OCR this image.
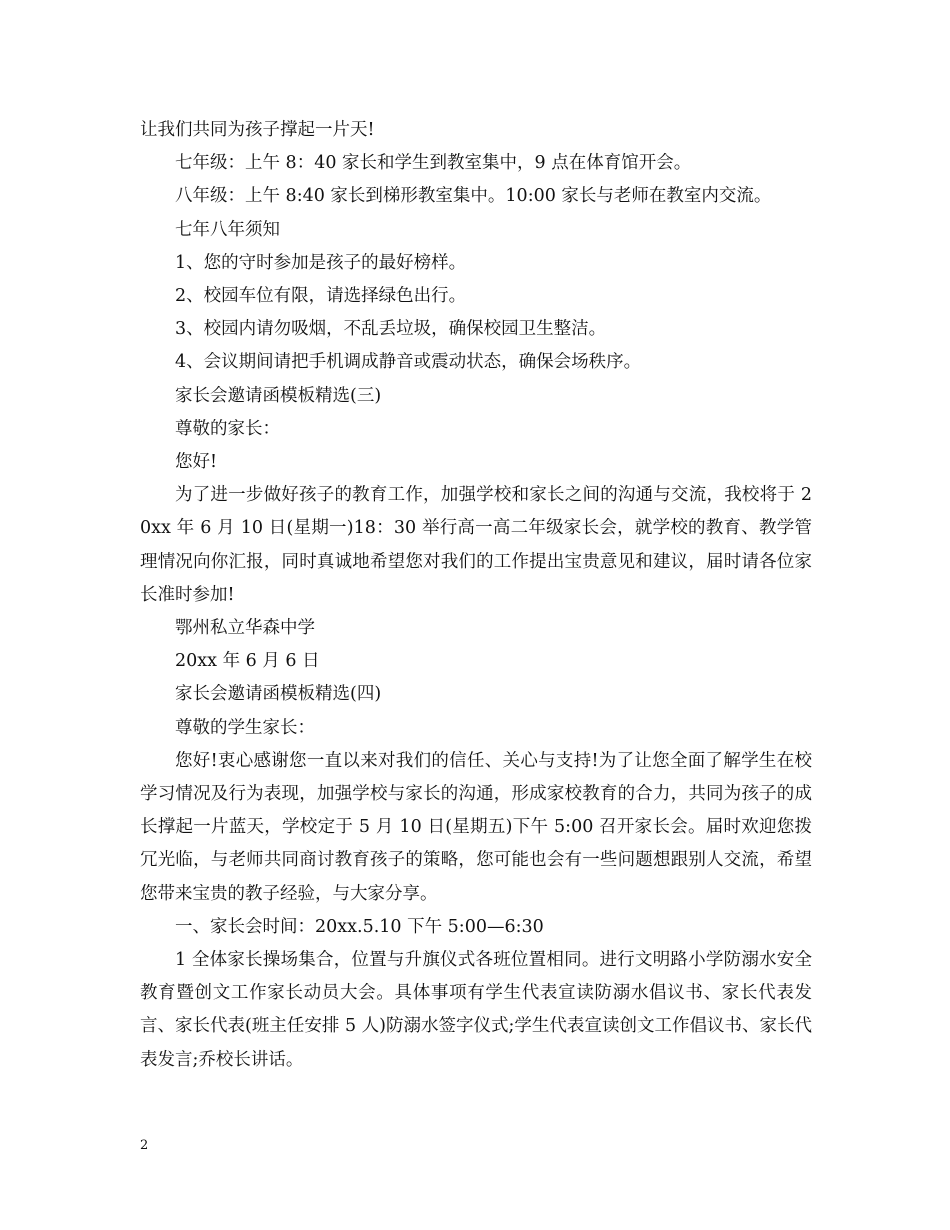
让我们共同为孩子撑起一片天!

七年级：上午 8：40 家长和学生到教室集中，9 点在体育馆开会。

八年级：上午 8:40 家长到梯形教室集中。10:00 家长与老师在教室内交流。

七年八年须知

1、您的守时参加是孩子的最好榜样。

2、校园车位有限，请选择绿色出行。

3、校园内请勿吸烟，不乱丢垃圾，确保校园卫生整洁。

4、会议期间请把手机调成静音或震动状态，确保会场秩序。

家长会邀请函模板精选(三)

尊敬的家长：

您好!

为了进一步做好孩子的教育工作，加强学校和家长之间的沟通与交流，我校将于 20xx 年 6 月 10 日(星期一)18：30 举行高一高二年级家长会，就学校的教育、教学管理情况向你汇报，同时真诚地希望您对我们的工作提出宝贵意见和建议，届时请各位家长准时参加!

鄂州私立华森中学

20xx 年 6 月 6 日

家长会邀请函模板精选(四)

尊敬的学生家长：

您好!衷心感谢您一直以来对我们的信任、关心与支持!为了让您全面了解学生在校学习情况及行为表现，加强学校与家长的沟通，形成家校教育的合力，共同为孩子的成长撑起一片蓝天，学校定于 5 月 10 日(星期五)下午 5:00 召开家长会。届时欢迎您拨冗光临，与老师共同商讨教育孩子的策略，您可能也会有一些问题想跟别人交流，希望您带来宝贵的教子经验，与大家分享。

一、家长会时间：20xx.5.10 下午 5:00—6:30

1 全体家长操场集合，位置与升旗仪式各班位置相同。进行文明路小学防溺水安全教育暨创文工作家长动员大会。具体事项有学生代表宣读防溺水倡议书、家长代表发言、家长代表(班主任安排 5 人)防溺水签字仪式;学生代表宣读创文工作倡议书、家长代表发言;乔校长讲话。

2
